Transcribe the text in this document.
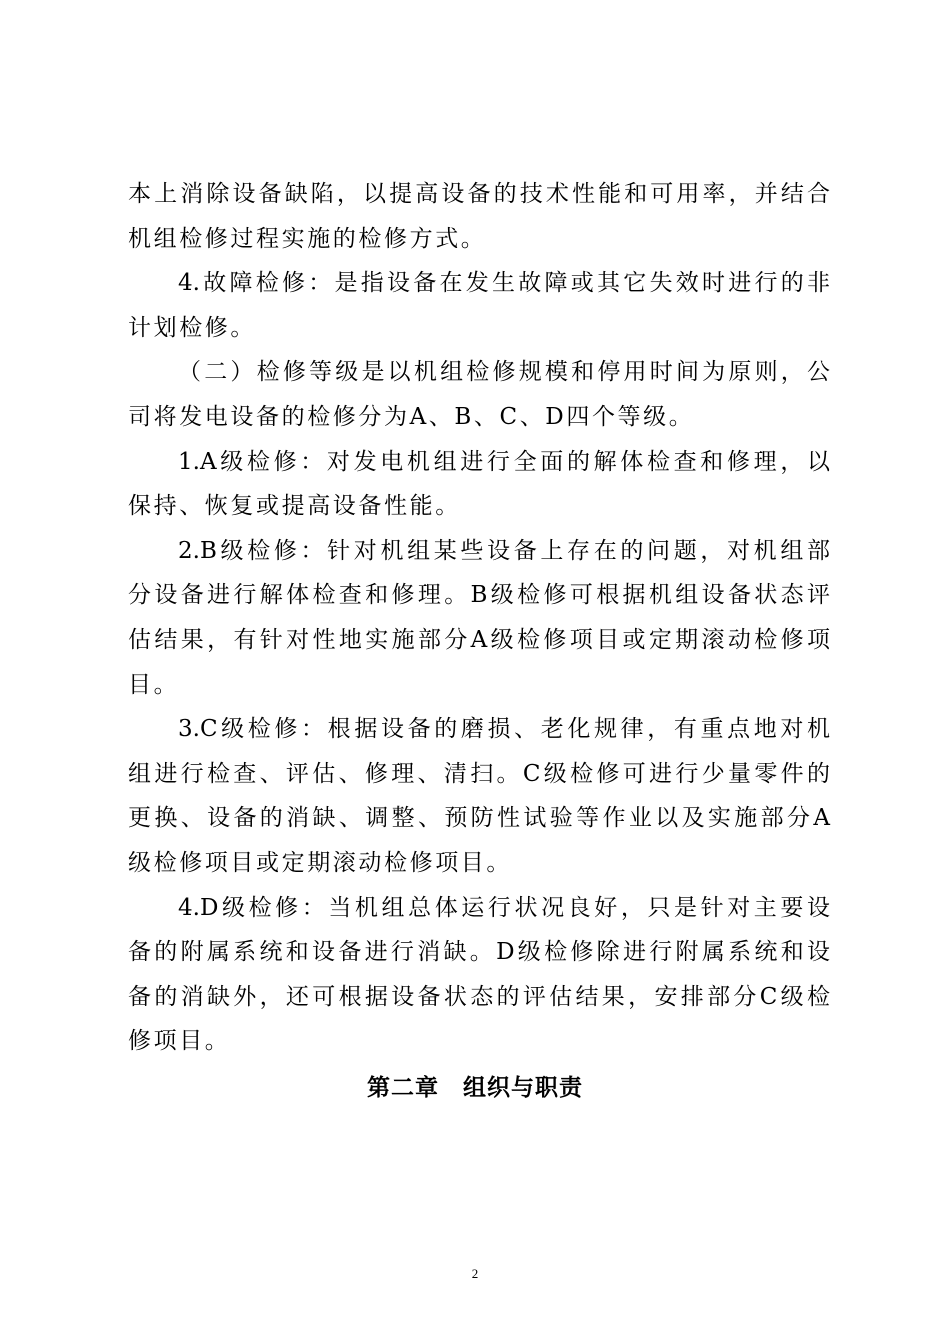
本上消除设备缺陷，以提高设备的技术性能和可用率，并结合
机组检修过程实施的检修方式。
4.故障检修：是指设备在发生故障或其它失效时进行的非
计划检修。
（二）检修等级是以机组检修规模和停用时间为原则，公
司将发电设备的检修分为A、B、C、D四个等级。
1.A级检修：对发电机组进行全面的解体检查和修理，以
保持、恢复或提高设备性能。
2.B级检修：针对机组某些设备上存在的问题，对机组部
分设备进行解体检查和修理。B级检修可根据机组设备状态评
估结果，有针对性地实施部分A级检修项目或定期滚动检修项
目。
3.C级检修：根据设备的磨损、老化规律，有重点地对机
组进行检查、评估、修理、清扫。C级检修可进行少量零件的
更换、设备的消缺、调整、预防性试验等作业以及实施部分A
级检修项目或定期滚动检修项目。
4.D级检修：当机组总体运行状况良好，只是针对主要设
备的附属系统和设备进行消缺。D级检修除进行附属系统和设
备的消缺外，还可根据设备状态的评估结果，安排部分C级检
修项目。
第二章　组织与职责
2
